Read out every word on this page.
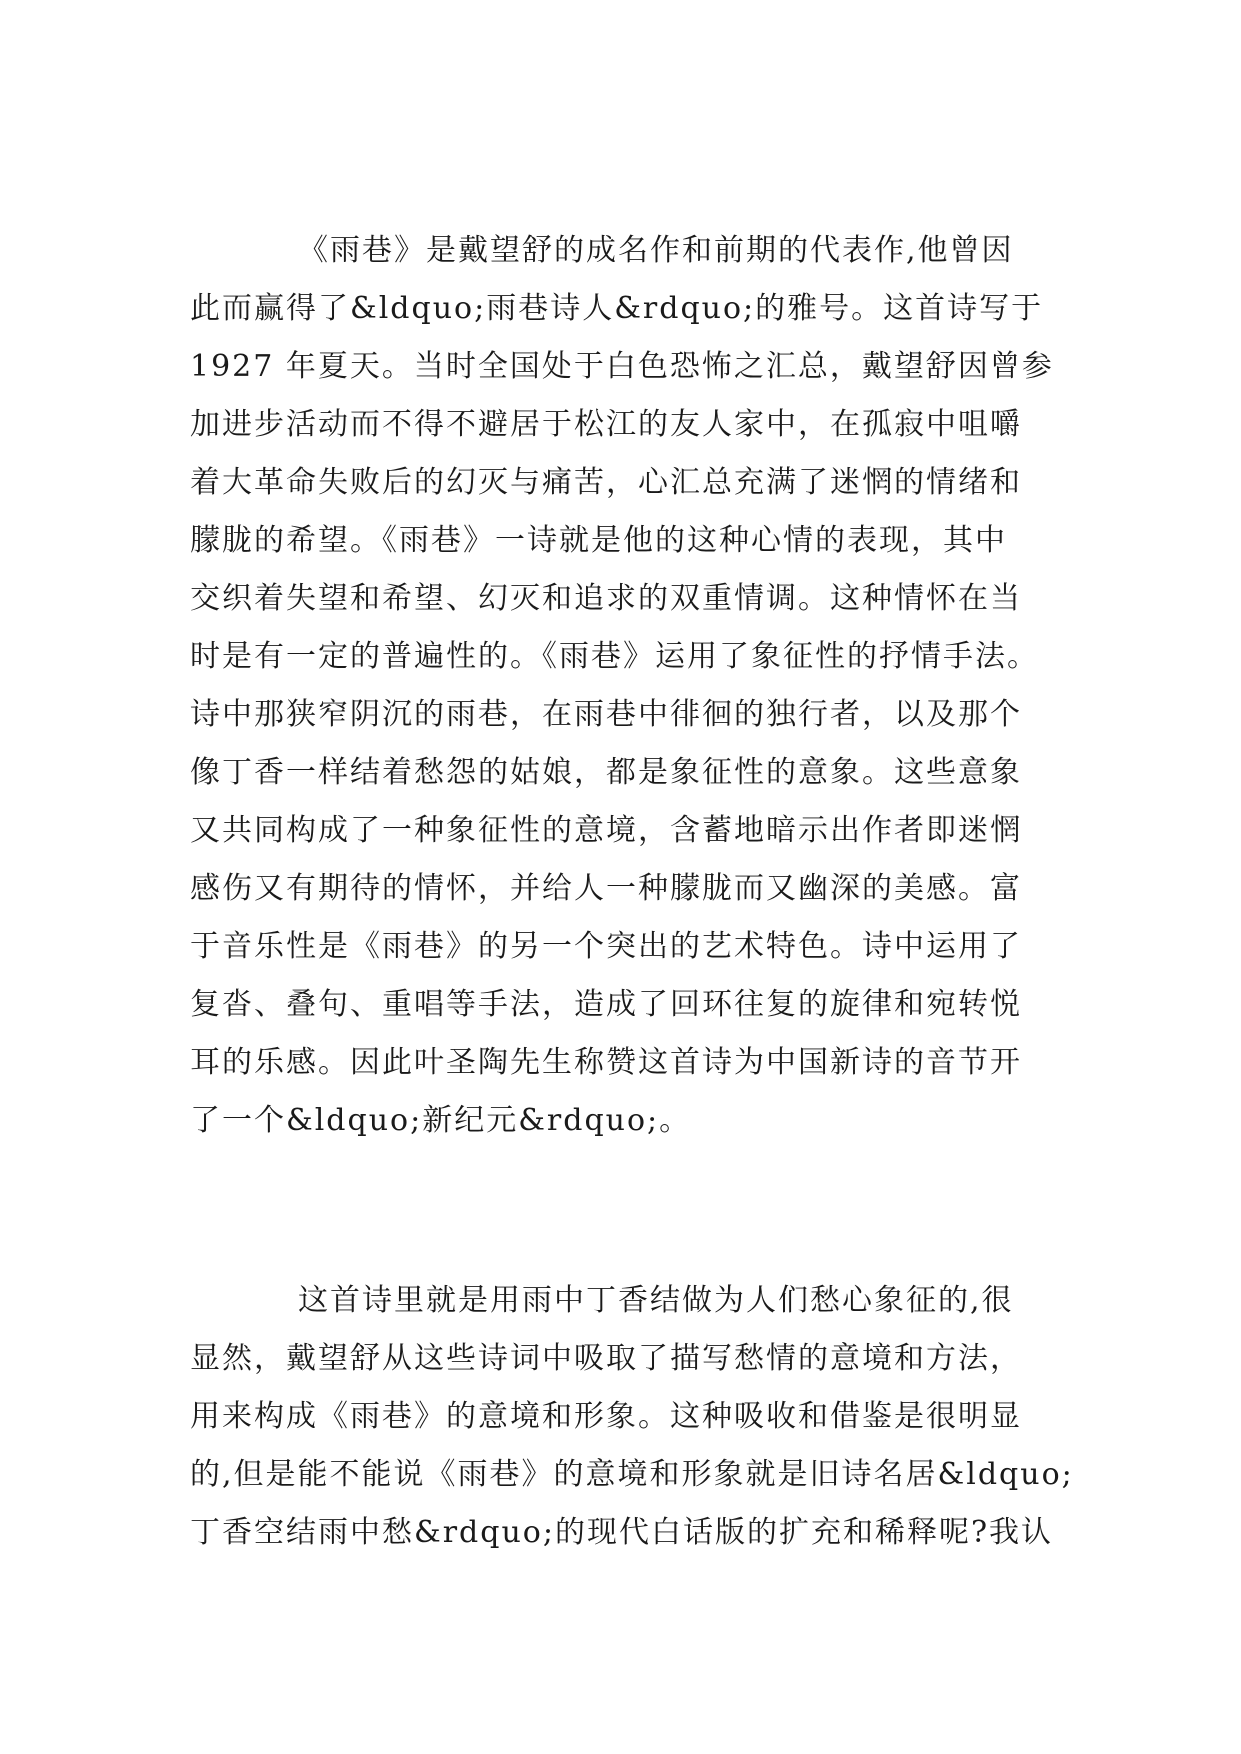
《雨巷》是戴望舒的成名作和前期的代表作,他曾因
此而赢得了&ldquo;雨巷诗人&rdquo;的雅号。这首诗写于
1927 年夏天。当时全国处于白色恐怖之汇总，戴望舒因曾参
加进步活动而不得不避居于松江的友人家中，在孤寂中咀嚼
着大革命失败后的幻灭与痛苦，心汇总充满了迷惘的情绪和
朦胧的希望。《雨巷》一诗就是他的这种心情的表现，其中
交织着失望和希望、幻灭和追求的双重情调。这种情怀在当
时是有一定的普遍性的。《雨巷》运用了象征性的抒情手法。
诗中那狭窄阴沉的雨巷，在雨巷中徘徊的独行者，以及那个
像丁香一样结着愁怨的姑娘，都是象征性的意象。这些意象
又共同构成了一种象征性的意境，含蓄地暗示出作者即迷惘
感伤又有期待的情怀，并给人一种朦胧而又幽深的美感。富
于音乐性是《雨巷》的另一个突出的艺术特色。诗中运用了
复沓、叠句、重唱等手法，造成了回环往复的旋律和宛转悦
耳的乐感。因此叶圣陶先生称赞这首诗为中国新诗的音节开
了一个&ldquo;新纪元&rdquo;。
这首诗里就是用雨中丁香结做为人们愁心象征的,很
显然，戴望舒从这些诗词中吸取了描写愁情的意境和方法，
用来构成《雨巷》的意境和形象。这种吸收和借鉴是很明显
的,但是能不能说《雨巷》的意境和形象就是旧诗名居&ldquo;
丁香空结雨中愁&rdquo;的现代白话版的扩充和稀释呢?我认
